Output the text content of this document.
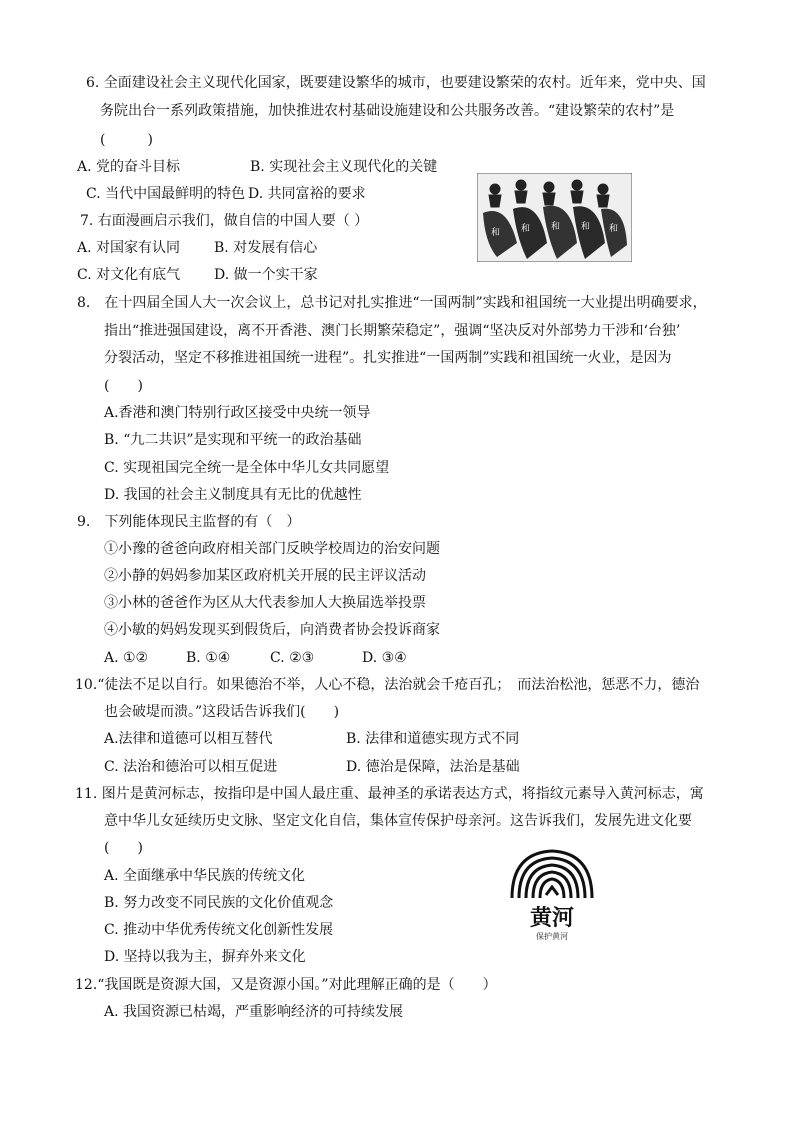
6. 全面建设社会主义现代化国家，既要建设繁华的城市，也要建设繁荣的农村。近年来，党中央、国
务院出台一系列政策措施，加快推进农村基础设施建设和公共服务改善。“建设繁荣的农村”是
(　　　)
A. 党的奋斗目标	B. 实现社会主义现代化的关键
C. 当代中国最鲜明的特色 D. 共同富裕的要求
和 和 和 和 和
7. 右面漫画启示我们，做自信的中国人要（ ）
A. 对国家有认同 B. 对发展有信心
C. 对文化有底气 D. 做一个实干家
8.　在十四届全国人大一次会议上，总书记对扎实推进“一国两制”实践和祖国统一大业提出明确要求，
指出“推进强国建设，离不开香港、澳门长期繁荣稳定”，强调“坚决反对外部势力干涉和‘台独’
分裂活动，坚定不移推进祖国统一进程”。扎实推进“一国两制”实践和祖国统一火业，是因为
(　　)
A.香港和澳门特别行政区接受中央统一领导
B. “九二共识”是实现和平统一的政治基础
C. 实现祖国完全统一是全体中华儿女共同愿望
D. 我国的社会主义制度具有无比的优越性
9.　下列能体现民主监督的有（　）
①小豫的爸爸向政府相关部门反映学校周边的治安问题
②小静的妈妈参加某区政府机关开展的民主评议活动
③小林的爸爸作为区从大代表参加人大换届选举投票
④小敏的妈妈发现买到假货后，向消费者协会投诉商家
A. ①②	B. ①④	C. ②③	D. ③④
10.“徒法不足以自行。如果德治不举，人心不稳，法治就会千疮百孔；　而法治松池，惩恶不力，德治
也会破堤而溃。”这段话告诉我们(　　)
A.法律和道德可以相互替代	B. 法律和道德实现方式不同
C. 法治和德治可以相互促进	D. 德治是保障，法治是基础
11. 图片是黄河标志，按指印是中国人最庄重、最神圣的承诺表达方式，将指纹元素导入黄河标志，寓
意中华儿女延续历史文脉、坚定文化自信，集体宣传保护母亲河。这告诉我们，发展先进文化要
(　　)
A. 全面继承中华民族的传统文化
B. 努力改变不同民族的文化价值观念
C. 推动中华优秀传统文化创新性发展
D. 坚持以我为主，摒弃外来文化
黄河
保护黄河
12.“我国既是资源大国，又是资源小国。”对此理解正确的是（　　）
A. 我国资源已枯竭，严重影响经济的可持续发展
